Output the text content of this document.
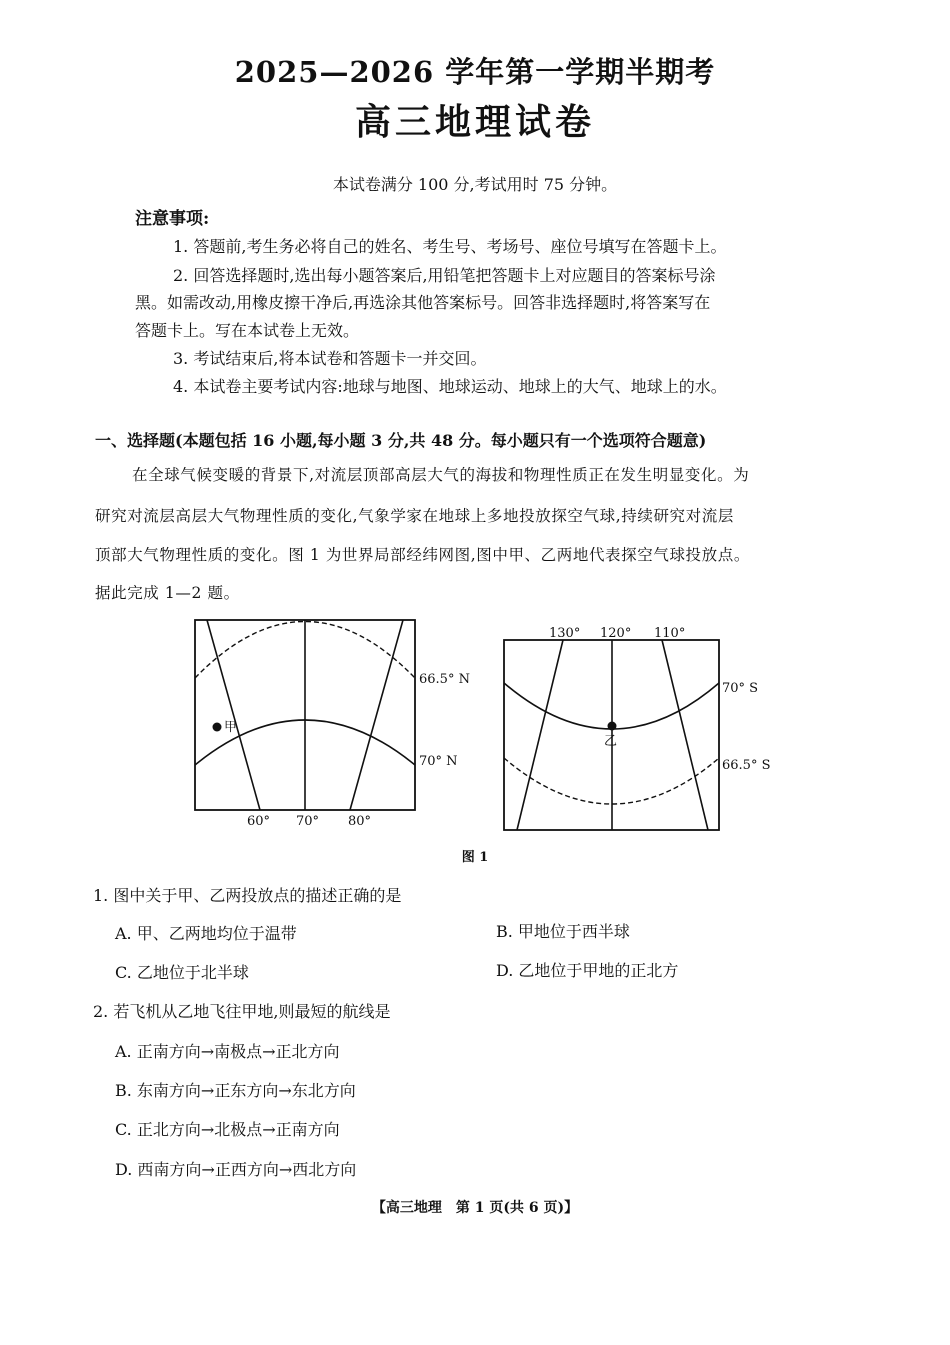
2025—2026 学年第一学期半期考
高三地理试卷
本试卷满分 100 分,考试用时 75 分钟。
注意事项:
1. 答题前,考生务必将自己的姓名、考生号、考场号、座位号填写在答题卡上。
2. 回答选择题时,选出每小题答案后,用铅笔把答题卡上对应题目的答案标号涂
黑。如需改动,用橡皮擦干净后,再选涂其他答案标号。回答非选择题时,将答案写在
答题卡上。写在本试卷上无效。
3. 考试结束后,将本试卷和答题卡一并交回。
4. 本试卷主要考试内容:地球与地图、地球运动、地球上的大气、地球上的水。
一、选择题(本题包括 16 小题,每小题 3 分,共 48 分。每小题只有一个选项符合题意)
在全球气候变暖的背景下,对流层顶部高层大气的海拔和物理性质正在发生明显变化。为
研究对流层高层大气物理性质的变化,气象学家在地球上多地投放探空气球,持续研究对流层
顶部大气物理性质的变化。图 1 为世界局部经纬网图,图中甲、乙两地代表探空气球投放点。
据此完成 1—2 题。
甲
66.5° N
70° N
60° 70° 80°
乙
130° 120° 110°
70° S
66.5° S
图 1
1. 图中关于甲、乙两投放点的描述正确的是
A. 甲、乙两地均位于温带	B. 甲地位于西半球
C. 乙地位于北半球	D. 乙地位于甲地的正北方
2. 若飞机从乙地飞往甲地,则最短的航线是
A. 正南方向→南极点→正北方向
B. 东南方向→正东方向→东北方向
C. 正北方向→北极点→正南方向
D. 西南方向→正西方向→西北方向
【高三地理　第 1 页(共 6 页)】
